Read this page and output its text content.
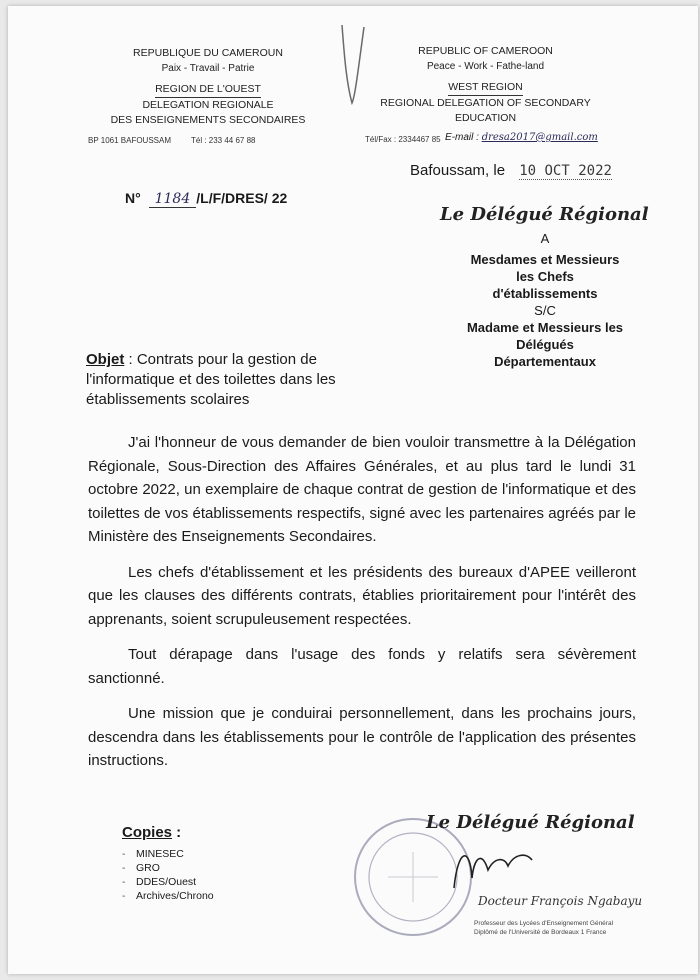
REPUBLIQUE DU CAMEROUN
Paix - Travail - Patrie
REGION DE L'OUEST
DELEGATION REGIONALE
DES ENSEIGNEMENTS SECONDAIRES
BP 1061 BAFOUSSAM	Tél : 233 44 67 88
REPUBLIC OF CAMEROON
Peace - Work - Fathe-land
WEST REGION
REGIONAL DELEGATION OF SECONDARY
EDUCATION
Tél/Fax : 2334467 85 E-mail : dresa2017@gmail.com
Bafoussam, le 10 OCT 2022
N° 1184 /L/F/DRES/ 22
Le Délégué Régional
A
Mesdames et Messieurs
les Chefs
d'établissements
S/C
Madame et Messieurs les
Délégués
Départementaux
Objet : Contrats pour la gestion de
l'informatique et des toilettes dans les
établissements scolaires

J'ai l'honneur de vous demander de bien vouloir transmettre à la Délégation Régionale, Sous-Direction des Affaires Générales, et au plus tard le lundi 31 octobre 2022, un exemplaire de chaque contrat de gestion de l'informatique et des toilettes de vos établissements respectifs, signé avec les partenaires agréés par le Ministère des Enseignements Secondaires.

Les chefs d'établissement et les présidents des bureaux d'APEE veilleront que les clauses des différents contrats, établies prioritairement pour l'intérêt des apprenants, soient scrupuleusement respectées.

Tout dérapage dans l'usage des fonds y relatifs sera sévèrement sanctionné.

Une mission que je conduirai personnellement, dans les prochains jours, descendra dans les établissements pour le contrôle de l'application des présentes instructions.

Copies :
- MINESEC
- GRO
- DDES/Ouest
- Archives/Chrono
Le Délégué Régional
Docteur François Ngabayu
Professeur des Lycées d'Enseignement Général
Diplômé de l'Université de Bordeaux 1 France
